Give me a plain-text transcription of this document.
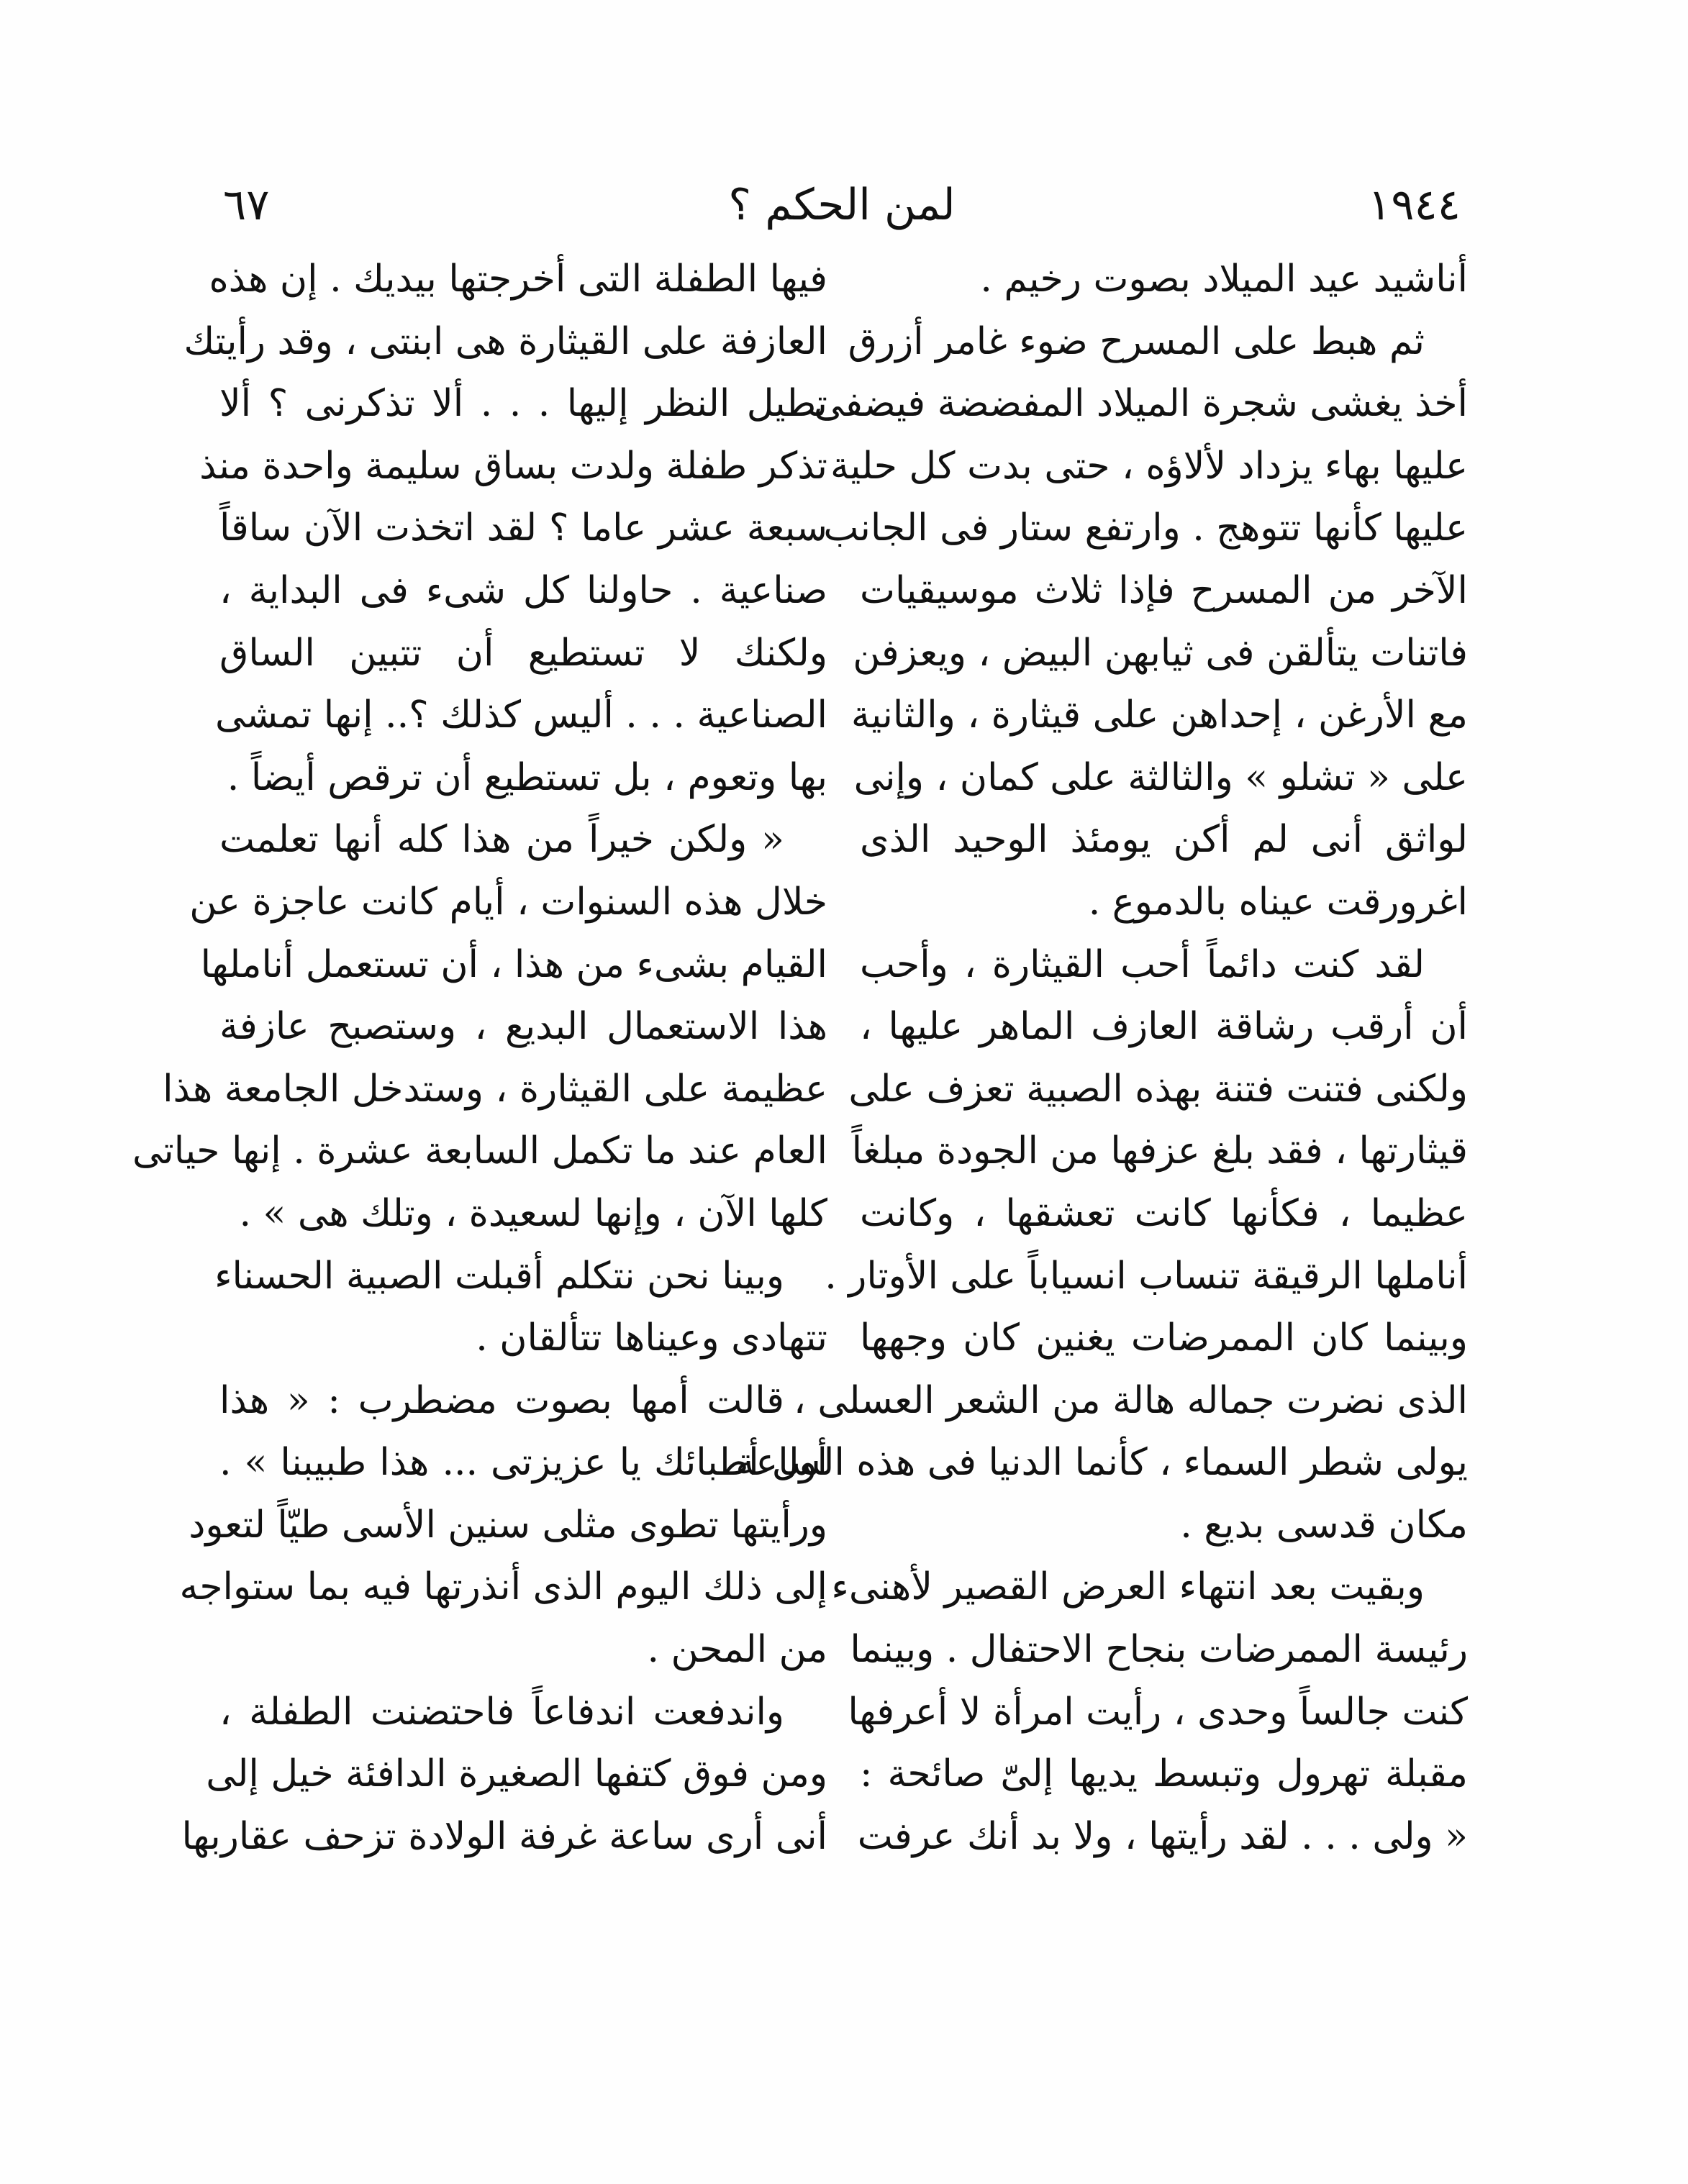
١٩٤٤
لمن الحكم ؟
٦٧
أناشيد عيد الميلاد بصوت رخيم .
ثم هبط على المسرح ضوء غامر أزرق
أخذ يغشى شجرة الميلاد المفضضة فيضفى
عليها بهاء يزداد لألاؤه ، حتى بدت كل حلية
عليها كأنها تتوهج . وارتفع ستار فى الجانب
الآخر من المسرح فإذا ثلاث موسيقيات
فاتنات يتألقن فى ثيابهن البيض ، ويعزفن
مع الأرغن ، إحداهن على قيثارة ، والثانية
على « تشلو » والثالثة على كمان ، وإنى
لواثق أنى لم أكن يومئذ الوحيد الذى
اغرورقت عيناه بالدموع .
لقد كنت دائماً أحب القيثارة ، وأحب
أن أرقب رشاقة العازف الماهر عليها ،
ولكنى فتنت فتنة بهذه الصبية تعزف على
قيثارتها ، فقد بلغ عزفها من الجودة مبلغاً
عظيما ، فكأنها كانت تعشقها ، وكانت
أناملها الرقيقة تنساب انسياباً على الأوتار .
وبينما كان الممرضات يغنين كان وجهها
الذى نضرت جماله هالة من الشعر العسلى ،
يولى شطر السماء ، كأنما الدنيا فى هذه الساعة
مكان قدسى بديع .
وبقيت بعد انتهاء العرض القصير لأهنىء
رئيسة الممرضات بنجاح الاحتفال . وبينما
كنت جالساً وحدى ، رأيت امرأة لا أعرفها
مقبلة تهرول وتبسط يديها إلىّ صائحة :
« ولى . . . لقد رأيتها ، ولا بد أنك عرفت
فيها الطفلة التى أخرجتها بيديك . إن هذه
العازفة على القيثارة هى ابنتى ، وقد رأيتك
تطيل النظر إليها . . . ألا تذكرنى ؟ ألا
تذكر طفلة ولدت بساق سليمة واحدة منذ
سبعة عشر عاما ؟ لقد اتخذت الآن ساقاً
صناعية . حاولنا كل شىء فى البداية ،
ولكنك لا تستطيع أن تتبين الساق
الصناعية . . . أليس كذلك ؟.. إنها تمشى
بها وتعوم ، بل تستطيع أن ترقص أيضاً .
« ولكن خيراً من هذا كله أنها تعلمت
خلال هذه السنوات ، أيام كانت عاجزة عن
القيام بشىء من هذا ، أن تستعمل أناملها
هذا الاستعمال البديع ، وستصبح عازفة
عظيمة على القيثارة ، وستدخل الجامعة هذا
العام عند ما تكمل السابعة عشرة . إنها حياتى
كلها الآن ، وإنها لسعيدة ، وتلك هى » .
وبينا نحن نتكلم أقبلت الصبية الحسناء
تتهادى وعيناها تتألقان .
قالت أمها بصوت مضطرب : « هذا
أول أطبائك يا عزيزتى ... هذا طبيبنا » .
ورأيتها تطوى مثلى سنين الأسى طيّاً لتعود
إلى ذلك اليوم الذى أنذرتها فيه بما ستواجه
من المحن .
واندفعت اندفاعاً فاحتضنت الطفلة ،
ومن فوق كتفها الصغيرة الدافئة خيل إلى
أنى أرى ساعة غرفة الولادة تزحف عقاربها
